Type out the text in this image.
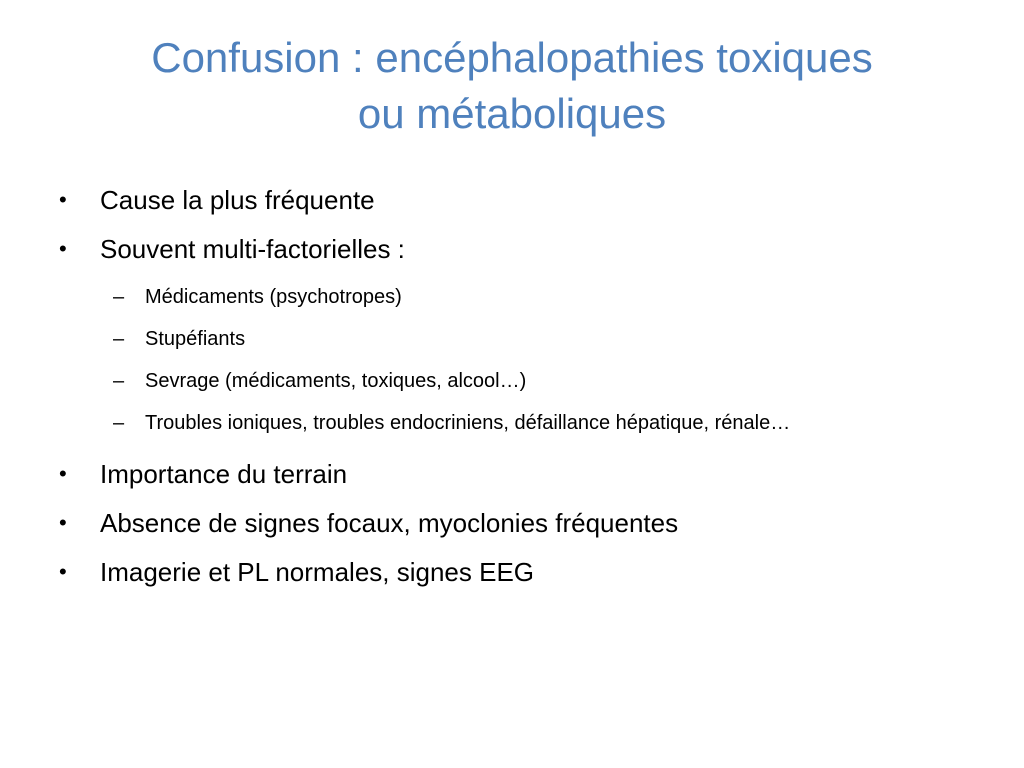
Confusion : encéphalopathies toxiques
ou métaboliques

• Cause la plus fréquente

• Souvent multi-factorielles :

– Médicaments (psychotropes)

– Stupéfiants

– Sevrage (médicaments, toxiques, alcool…)

– Troubles ioniques, troubles endocriniens, défaillance hépatique, rénale…

• Importance du terrain

• Absence de signes focaux, myoclonies fréquentes

• Imagerie et PL normales, signes EEG
